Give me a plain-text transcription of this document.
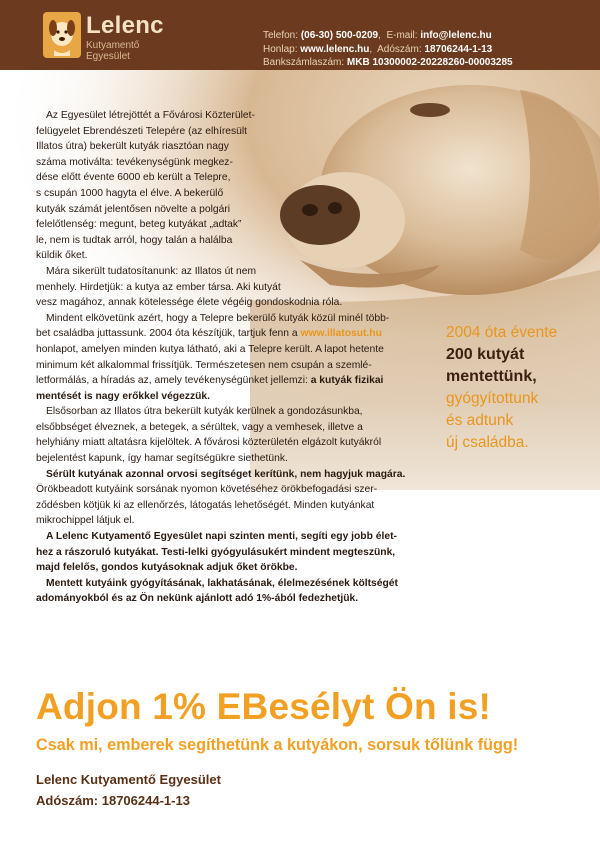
Lelenc
Kutyamentő
Egyesület
Telefon: (06-30) 500-0209,  E-mail: info@lelenc.hu
Honlap: www.lelenc.hu,  Adószám: 18706244-1-13
Bankszámlaszám: MKB 10300002-20228260-00003285
Az Egyesület létrejöttét a Fővárosi Közterület-
felügyelet Ebrendészeti Telepére (az elhíresült
Illatos útra) bekerült kutyák riasztóan nagy
száma motiválta: tevékenységünk megkez-
dése előtt évente 6000 eb került a Telepre,
s csupán 1000 hagyta el élve. A bekerülő
kutyák számát jelentősen növelte a polgári
felelőtlenség: megunt, beteg kutyákat „adtak”
le, nem is tudtak arról, hogy talán a halálba
küldik őket.
Mára sikerült tudatosítanunk: az Illatos út nem
menhely. Hirdetjük: a kutya az ember társa. Aki kutyát
vesz magához, annak kötelessége élete végéig gondoskodnia róla.
Mindent elkövetünk azért, hogy a Telepre bekerülő kutyák közül minél több-
bet családba juttassunk. 2004 óta készítjük, tartjuk fenn a www.illatosut.hu
honlapot, amelyen minden kutya látható, aki a Telepre került. A lapot hetente
minimum két alkalommal frissítjük. Természetesen nem csupán a szemlé-
letformálás, a híradás az, amely tevékenységünket jellemzi: a kutyák fizikai
mentését is nagy erőkkel végezzük.
Elsősorban az Illatos útra bekerült kutyák kerülnek a gondozásunkba,
elsőbbséget élveznek, a betegek, a sérültek, vagy a vemhesek, illetve a
helyhiány miatt altatásra kijelöltek. A fővárosi közterületén elgázolt kutyákról
bejelentést kapunk, így hamar segítségükre siethetünk.
Sérült kutyának azonnal orvosi segítséget kerítünk, nem hagyjuk magára.
Örökbeadott kutyáink sorsának nyomon követéséhez örökbefogadási szer-
ződésben kötjük ki az ellenőrzés, látogatás lehetőségét. Minden kutyánkat
mikrochippel látjuk el.
A Lelenc Kutyamentő Egyesület napi szinten menti, segíti egy jobb élet-
hez a rászoruló kutyákat. Testi-lelki gyógyulásukért mindent megteszünk,
majd felelős, gondos kutyásoknak adjuk őket örökbe.
Mentett kutyáink gyógyításának, lakhatásának, élelmezésének költségét
adományokból és az Ön nekünk ajánlott adó 1%-ából fedezhetjük.
2004 óta évente
200 kutyát
mentettünk,
gyógyítottunk
és adtunk
új családba.
Adjon 1% EBesélyt Ön is!
Csak mi, emberek segíthetünk a kutyákon, sorsuk tőlünk függ!
Lelenc Kutyamentő Egyesület
Adószám: 18706244-1-13
